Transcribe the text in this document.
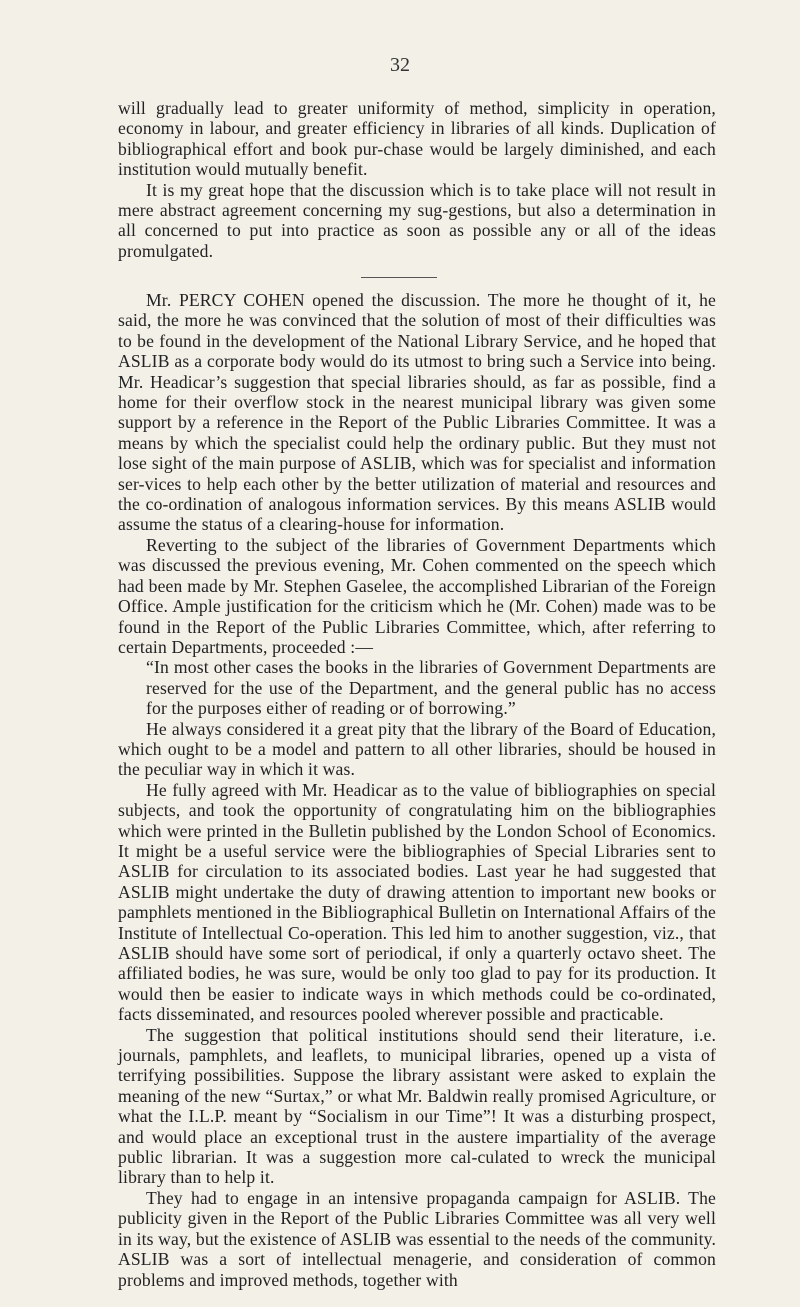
32

will gradually lead to greater uniformity of method, simplicity in operation, economy in labour, and greater efficiency in libraries of all kinds. Duplication of bibliographical effort and book pur-chase would be largely diminished, and each institution would mutually benefit.

It is my great hope that the discussion which is to take place will not result in mere abstract agreement concerning my sug-gestions, but also a determination in all concerned to put into practice as soon as possible any or all of the ideas promulgated.

Mr. PERCY COHEN opened the discussion. The more he thought of it, he said, the more he was convinced that the solution of most of their difficulties was to be found in the development of the National Library Service, and he hoped that ASLIB as a corporate body would do its utmost to bring such a Service into being. Mr. Headicar’s suggestion that special libraries should, as far as possible, find a home for their overflow stock in the nearest municipal library was given some support by a reference in the Report of the Public Libraries Committee. It was a means by which the specialist could help the ordinary public. But they must not lose sight of the main purpose of ASLIB, which was for specialist and information ser-vices to help each other by the better utilization of material and resources and the co-ordination of analogous information services. By this means ASLIB would assume the status of a clearing-house for information.

Reverting to the subject of the libraries of Government Departments which was discussed the previous evening, Mr. Cohen commented on the speech which had been made by Mr. Stephen Gaselee, the accomplished Librarian of the Foreign Office. Ample justification for the criticism which he (Mr. Cohen) made was to be found in the Report of the Public Libraries Committee, which, after referring to certain Departments, proceeded :—

“In most other cases the books in the libraries of Government Departments are reserved for the use of the Department, and the general public has no access for the purposes either of reading or of borrowing.”

He always considered it a great pity that the library of the Board of Education, which ought to be a model and pattern to all other libraries, should be housed in the peculiar way in which it was.

He fully agreed with Mr. Headicar as to the value of bibliographies on special subjects, and took the opportunity of congratulating him on the bibliographies which were printed in the Bulletin published by the London School of Economics. It might be a useful service were the bibliographies of Special Libraries sent to ASLIB for circulation to its associated bodies. Last year he had suggested that ASLIB might undertake the duty of drawing attention to important new books or pamphlets mentioned in the Bibliographical Bulletin on International Affairs of the Institute of Intellectual Co-operation. This led him to another suggestion, viz., that ASLIB should have some sort of periodical, if only a quarterly octavo sheet. The affiliated bodies, he was sure, would be only too glad to pay for its production. It would then be easier to indicate ways in which methods could be co-ordinated, facts disseminated, and resources pooled wherever possible and practicable.

The suggestion that political institutions should send their literature, i.e. journals, pamphlets, and leaflets, to municipal libraries, opened up a vista of terrifying possibilities. Suppose the library assistant were asked to explain the meaning of the new “Surtax,” or what Mr. Baldwin really promised Agriculture, or what the I.L.P. meant by “Socialism in our Time”! It was a disturbing prospect, and would place an exceptional trust in the austere impartiality of the average public librarian. It was a suggestion more cal-culated to wreck the municipal library than to help it.

They had to engage in an intensive propaganda campaign for ASLIB. The publicity given in the Report of the Public Libraries Committee was all very well in its way, but the existence of ASLIB was essential to the needs of the community. ASLIB was a sort of intellectual menagerie, and consideration of common problems and improved methods, together with
